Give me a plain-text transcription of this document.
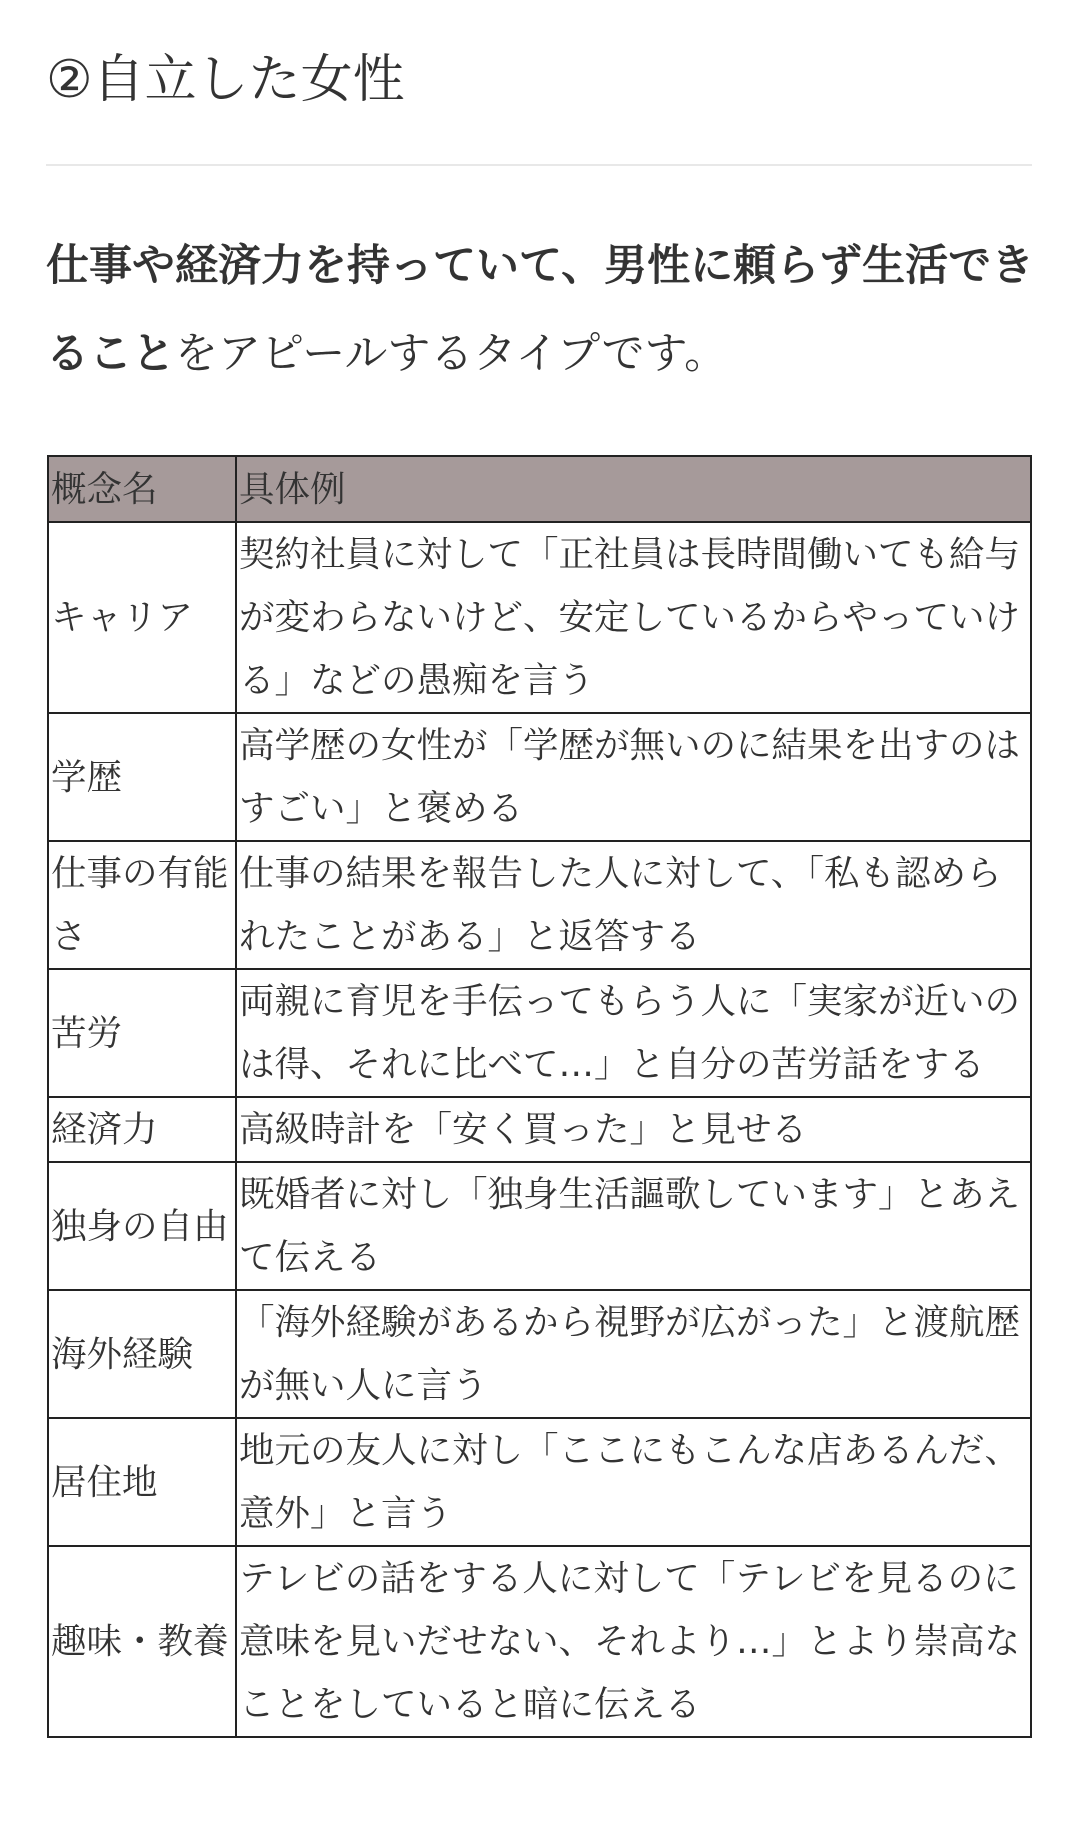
②自立した女性

仕事や経済力を持っていて、男性に頼らず生活できることをアピールするタイプです。

概念名	具体例
キャリア	契約社員に対して「正社員は長時間働いても給与が変わらないけど、安定しているからやっていける」などの愚痴を言う
学歴	高学歴の女性が「学歴が無いのに結果を出すのはすごい」と褒める
仕事の有能さ	仕事の結果を報告した人に対して、「私も認められたことがある」と返答する
苦労	両親に育児を手伝ってもらう人に「実家が近いのは得、それに比べて…」と自分の苦労話をする
経済力	高級時計を「安く買った」と見せる
独身の自由	既婚者に対し「独身生活謳歌しています」とあえて伝える
海外経験	「海外経験があるから視野が広がった」と渡航歴が無い人に言う
居住地	地元の友人に対し「ここにもこんな店あるんだ、意外」と言う
趣味・教養	テレビの話をする人に対して「テレビを見るのに意味を見いだせない、それより…」とより崇高なことをしていると暗に伝える
